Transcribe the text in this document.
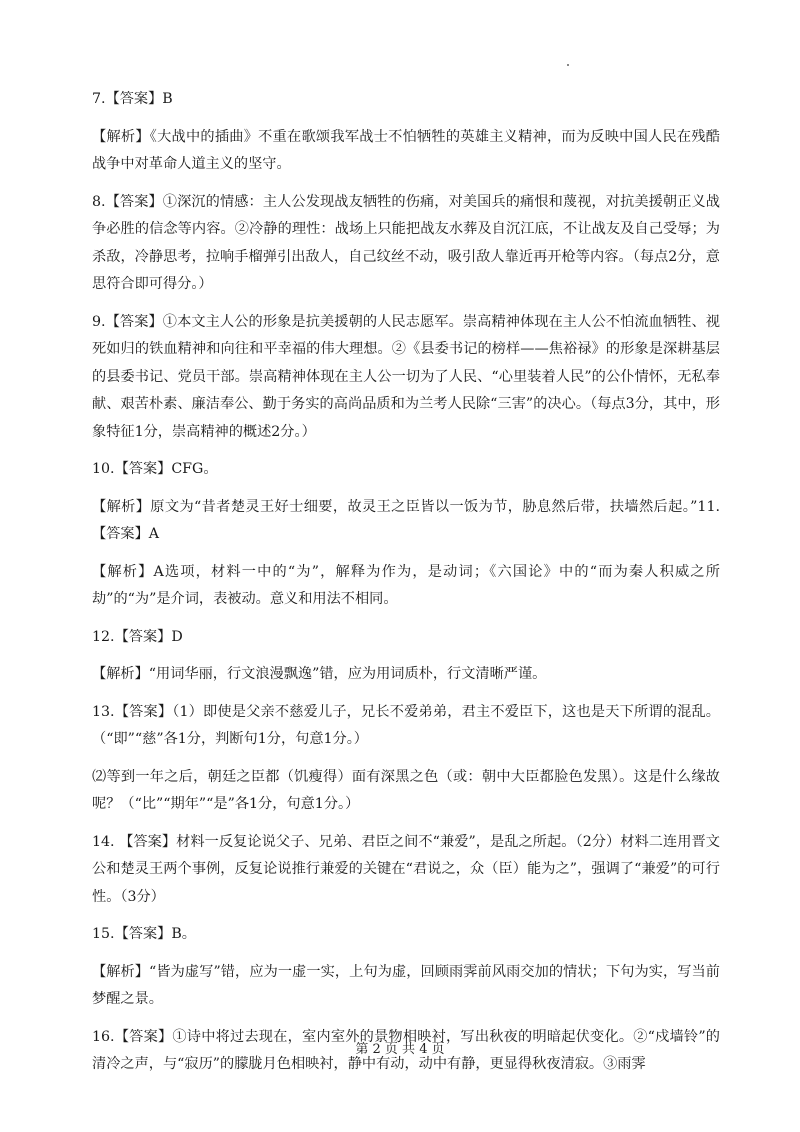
7.【答案】B

【解析】《大战中的插曲》不重在歌颂我军战士不怕牺牲的英雄主义精神，而为反映中国人民在残酷战争中对革命人道主义的坚守。

8.【答案】①深沉的情感：主人公发现战友牺牲的伤痛，对美国兵的痛恨和蔑视，对抗美援朝正义战争必胜的信念等内容。②冷静的理性：战场上只能把战友水葬及自沉江底，不让战友及自己受辱；为杀敌，冷静思考，拉响手榴弹引出敌人，自己纹丝不动，吸引敌人靠近再开枪等内容。（每点2分，意思符合即可得分。）

9.【答案】①本文主人公的形象是抗美援朝的人民志愿军。崇高精神体现在主人公不怕流血牺牲、视死如归的铁血精神和向往和平幸福的伟大理想。②《县委书记的榜样——焦裕禄》的形象是深耕基层的县委书记、党员干部。崇高精神体现在主人公一切为了人民、“心里装着人民”的公仆情怀，无私奉献、艰苦朴素、廉洁奉公、勤于务实的高尚品质和为兰考人民除“三害”的决心。（每点3分，其中，形象特征1分，崇高精神的概述2分。）

10.【答案】CFG。

【解析】原文为“昔者楚灵王好士细要，故灵王之臣皆以一饭为节，胁息然后带，扶墙然后起。”11.【答案】A

【解析】A选项，材料一中的“为”，解释为作为，是动词；《六国论》中的“而为秦人积威之所劫”的“为”是介词，表被动。意义和用法不相同。

12.【答案】D

【解析】“用词华丽，行文浪漫飘逸”错，应为用词质朴，行文清晰严谨。

13.【答案】（1）即使是父亲不慈爱儿子，兄长不爱弟弟，君主不爱臣下，这也是天下所谓的混乱。（“即”“慈”各1分，判断句1分，句意1分。）

⑵等到一年之后，朝廷之臣都（饥瘦得）面有深黑之色（或：朝中大臣都脸色发黑）。这是什么缘故呢？（“比”“期年”“是”各1分，句意1分。）

14. 【答案】材料一反复论说父子、兄弟、君臣之间不“兼爱”，是乱之所起。（2分）材料二连用晋文公和楚灵王两个事例，反复论说推行兼爱的关键在“君说之，众（臣）能为之”，强调了“兼爱”的可行性。（3分）

15.【答案】B。

【解析】“皆为虚写”错，应为一虚一实，上句为虚，回顾雨霁前风雨交加的情状；下句为实，写当前梦醒之景。

16.【答案】①诗中将过去现在，室内室外的景物相映衬，写出秋夜的明暗起伏变化。②“戍墙铃”的清冷之声，与“寂历”的朦胧月色相映衬，静中有动，动中有静，更显得秋夜清寂。③雨霁

第 2 页 共 4 页
